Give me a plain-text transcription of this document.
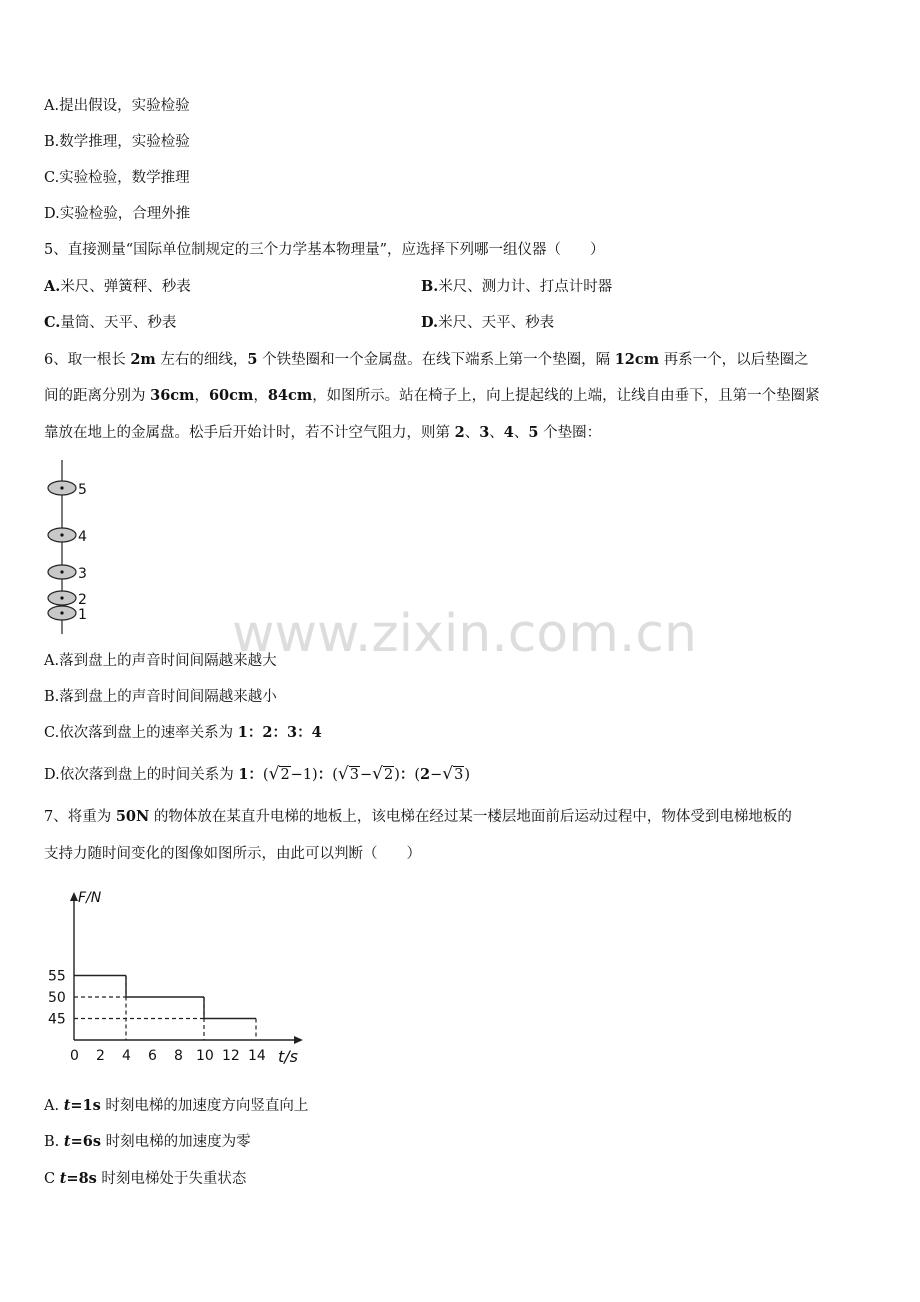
A.提出假设，实验检验
B.数学推理，实验检验
C.实验检验，数学推理
D.实验检验，合理外推
5、直接测量“国际单位制规定的三个力学基本物理量”，应选择下列哪一组仪器（　　）
A.米尺、弹簧秤、秒表	B.米尺、测力计、打点计时器
C.量筒、天平、秒表	D.米尺、天平、秒表
6、取一根长 2m 左右的细线，5 个铁垫圈和一个金属盘。在线下端系上第一个垫圈，隔 12cm 再系一个，以后垫圈之
间的距离分别为 36cm，60cm，84cm，如图所示。站在椅子上，向上提起线的上端，让线自由垂下，且第一个垫圈紧
靠放在地上的金属盘。松手后开始计时，若不计空气阻力，则第 2、3、4、5 个垫圈：
5
4
3
2
1	www.zixin.com.cn
A.落到盘上的声音时间间隔越来越大
B.落到盘上的声音时间间隔越来越小
C.依次落到盘上的速率关系为 1：2：3：4
D.依次落到盘上的时间关系为 1：(√2−1)：(√3−√2)：(2−√3)
7、将重为 50N 的物体放在某直升电梯的地板上，该电梯在经过某一楼层地面前后运动过程中，物体受到电梯地板的
支持力随时间变化的图像如图所示，由此可以判断（　　）
F/N
t/s
0 2 4 6 8 10 12 14
45
50
55
A. t=1s 时刻电梯的加速度方向竖直向上
B. t=6s 时刻电梯的加速度为零
C t=8s 时刻电梯处于失重状态
